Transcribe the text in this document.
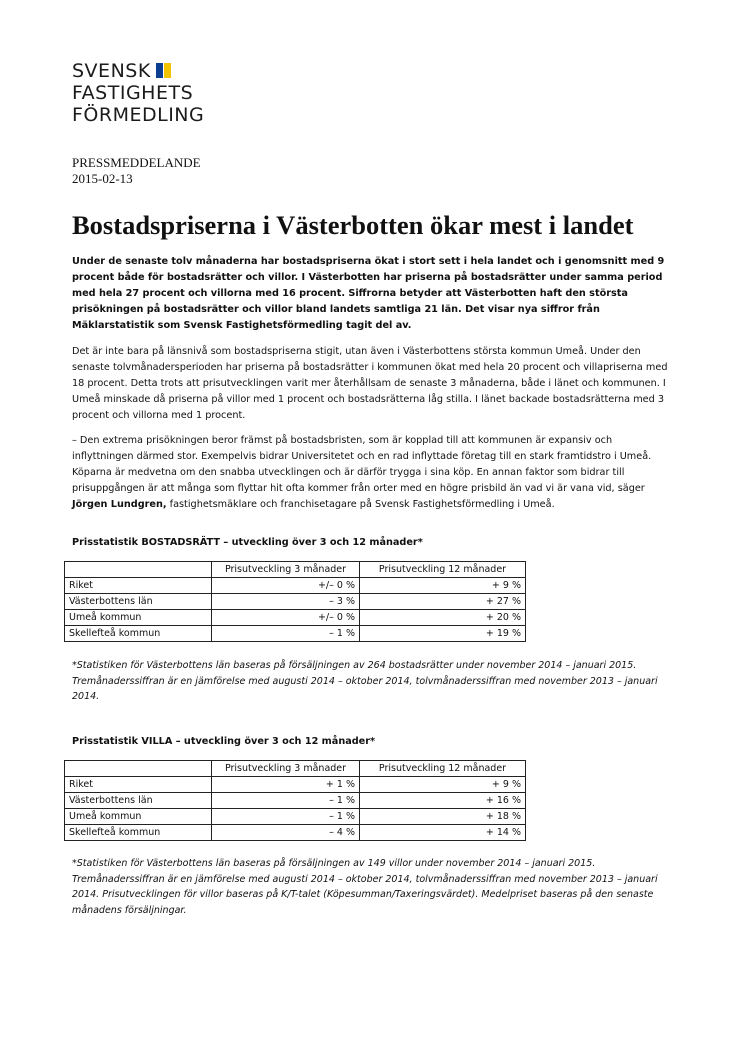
SVENSK
FASTIGHETS
FÖRMEDLING
PRESSMEDDELANDE
2015-02-13
Bostadspriserna i Västerbotten ökar mest i landet

Under de senaste tolv månaderna har bostadspriserna ökat i stort sett i hela landet och i genomsnitt med 9 procent både för bostadsrätter och villor. I Västerbotten har priserna på bostadsrätter under samma period med hela 27 procent och villorna med 16 procent. Siffrorna betyder att Västerbotten haft den största prisökningen på bostadsrätter och villor bland landets samtliga 21 län. Det visar nya siffror från Mäklarstatistik som Svensk Fastighetsförmedling tagit del av.

Det är inte bara på länsnivå som bostadspriserna stigit, utan även i Västerbottens största kommun Umeå. Under den senaste tolvmånadersperioden har priserna på bostadsrätter i kommunen ökat med hela 20 procent och villapriserna med 18 procent. Detta trots att prisutvecklingen varit mer återhållsam de senaste 3 månaderna, både i länet och kommunen. I Umeå minskade då priserna på villor med 1 procent och bostadsrätterna låg stilla. I länet backade bostadsrätterna med 3 procent och villorna med 1 procent.

– Den extrema prisökningen beror främst på bostadsbristen, som är kopplad till att kommunen är expansiv och inflyttningen därmed stor. Exempelvis bidrar Universitetet och en rad inflyttade företag till en stark framtidstro i Umeå. Köparna är medvetna om den snabba utvecklingen och är därför trygga i sina köp. En annan faktor som bidrar till prisuppgången är att många som flyttar hit ofta kommer från orter med en högre prisbild än vad vi är vana vid, säger Jörgen Lundgren, fastighetsmäklare och franchisetagare på Svensk Fastighetsförmedling i Umeå.

Prisstatistik BOSTADSRÄTT – utveckling över 3 och 12 månader*
	Prisutveckling 3 månader	Prisutveckling 12 månader
Riket	+/– 0 %	+ 9 %
Västerbottens län	– 3 %	+ 27 %
Umeå kommun	+/– 0 %	+ 20 %
Skellefteå kommun	– 1 %	+ 19 %
*Statistiken för Västerbottens län baseras på försäljningen av 264 bostadsrätter under november 2014 – januari 2015. Tremånaderssiffran är en jämförelse med augusti 2014 – oktober 2014, tolvmånaderssiffran med november 2013 – januari 2014.
Prisstatistik VILLA – utveckling över 3 och 12 månader*
	Prisutveckling 3 månader	Prisutveckling 12 månader
Riket	+ 1 %	+ 9 %
Västerbottens län	– 1 %	+ 16 %
Umeå kommun	– 1 %	+ 18 %
Skellefteå kommun	– 4 %	+ 14 %
*Statistiken för Västerbottens län baseras på försäljningen av 149 villor under november 2014 – januari 2015. Tremånaderssiffran är en jämförelse med augusti 2014 – oktober 2014, tolvmånaderssiffran med november 2013 – januari 2014. Prisutvecklingen för villor baseras på K/T-talet (Köpesumman/Taxeringsvärdet). Medelpriset baseras på den senaste månadens försäljningar.
